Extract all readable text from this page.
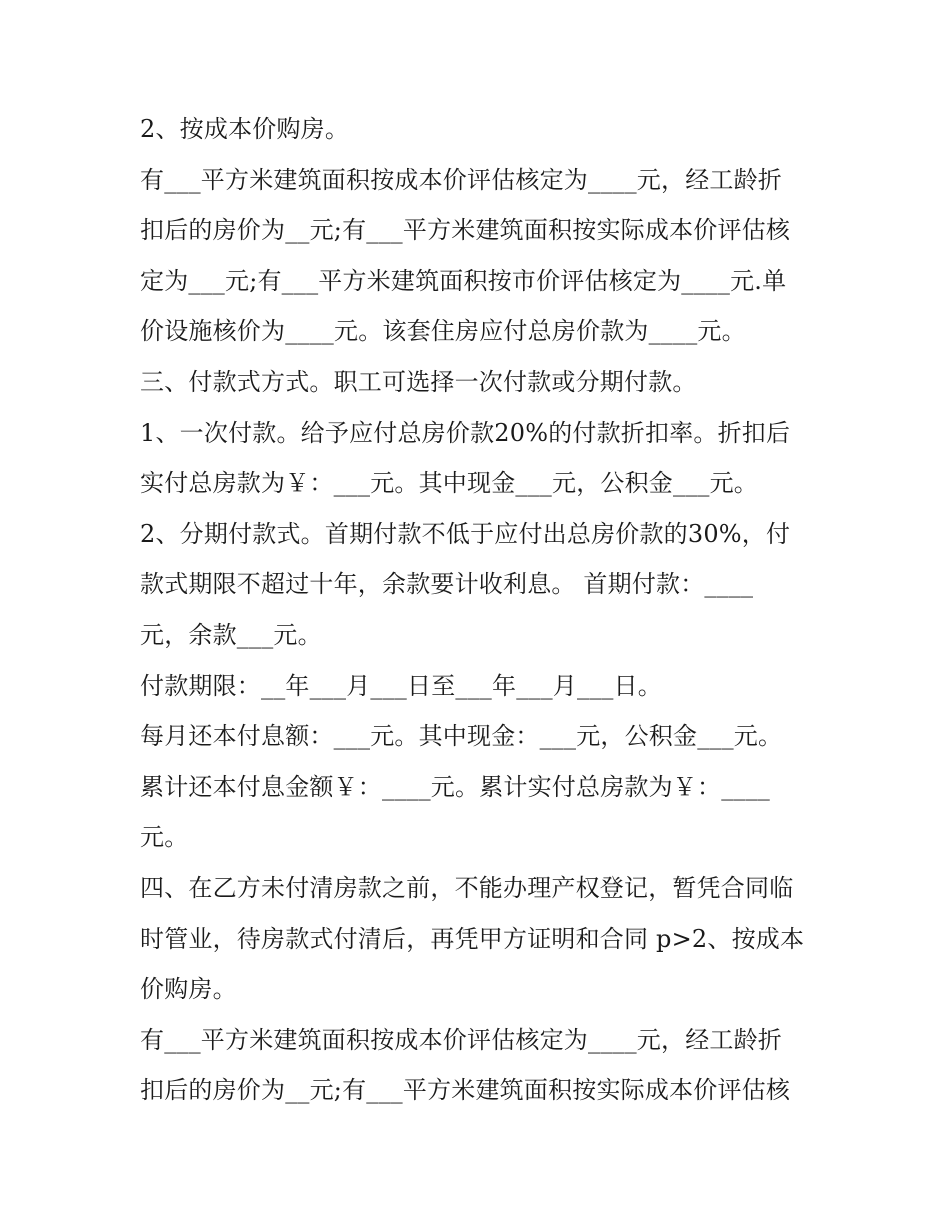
2、按成本价购房。
有___平方米建筑面积按成本价评估核定为____元，经工龄折
扣后的房价为__元;有___平方米建筑面积按实际成本价评估核
定为___元;有___平方米建筑面积按市价评估核定为____元.单
价设施核价为____元。该套住房应付总房价款为____元。
三、付款式方式。职工可选择一次付款或分期付款。
1、一次付款。给予应付总房价款20%的付款折扣率。折扣后
实付总房款为￥：___元。其中现金___元，公积金___元。
2、分期付款式。首期付款不低于应付出总房价款的30%，付
款式期限不超过十年，余款要计收利息。 首期付款：____
元，余款___元。
付款期限：__年___月___日至___年___月___日。
每月还本付息额：___元。其中现金：___元，公积金___元。
累计还本付息金额￥：____元。累计实付总房款为￥：____
元。
四、在乙方未付清房款之前，不能办理产权登记，暂凭合同临
时管业，待房款式付清后，再凭甲方证明和合同 p>2、按成本
价购房。
有___平方米建筑面积按成本价评估核定为____元，经工龄折
扣后的房价为__元;有___平方米建筑面积按实际成本价评估核
